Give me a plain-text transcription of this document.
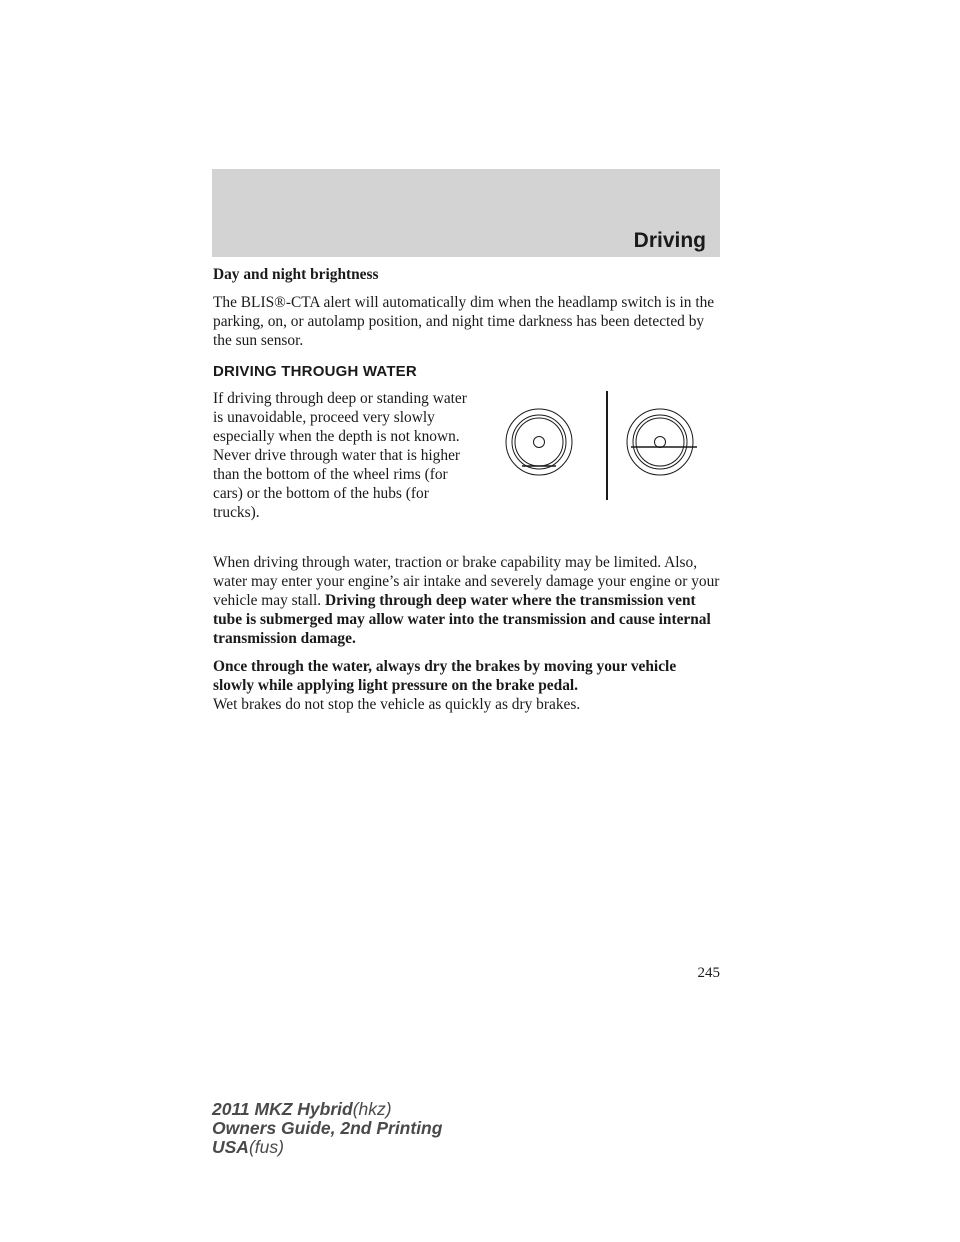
Driving

Day and night brightness

The BLIS®-CTA alert will automatically dim when the headlamp switch is in the parking, on, or autolamp position, and night time darkness has been detected by the sun sensor.

DRIVING THROUGH WATER

If driving through deep or standing water is unavoidable, proceed very slowly especially when the depth is not known. Never drive through water that is higher than the bottom of the wheel rims (for cars) or the bottom of the hubs (for trucks).

When driving through water, traction or brake capability may be limited. Also, water may enter your engine’s air intake and severely damage your engine or your vehicle may stall. Driving through deep water where the transmission vent tube is submerged may allow water into the transmission and cause internal transmission damage.

Once through the water, always dry the brakes by moving your vehicle slowly while applying light pressure on the brake pedal.
Wet brakes do not stop the vehicle as quickly as dry brakes.

245
2011 MKZ Hybrid(hkz)
Owners Guide, 2nd Printing
USA(fus)
